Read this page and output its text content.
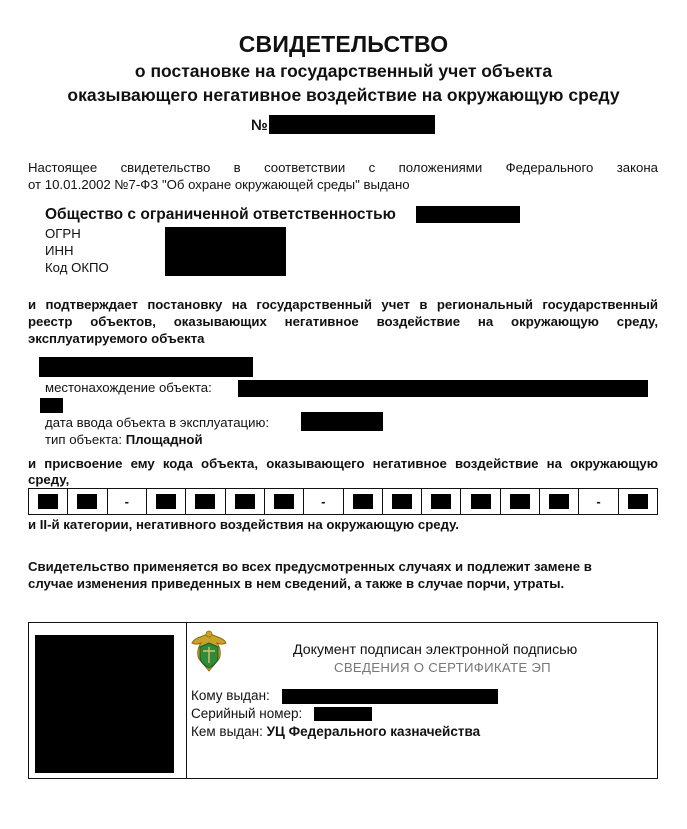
СВИДЕТЕЛЬСТВО
о постановке на государственный учет объекта
оказывающего негативное воздействие на окружающую среду
№
Настоящее свидетельство в соответствии с положениями Федерального закона
от 10.01.2002 №7-ФЗ "Об охране окружающей среды" выдано
Общество с ограниченной ответственностью
ОГРН
ИНН
Код ОКПО
и подтверждает постановку на государственный учет в региональный государственный
реестр объектов, оказывающих негативное воздействие на окружающую среду,
эксплуатируемого объекта
местонахождение объекта:
дата ввода объекта в эксплуатацию:
тип объекта: Площадной
и присвоение ему кода объекта, оказывающего негативное воздействие на окружающую
среду,
-	-	-
и II-й категории, негативного воздействия на окружающую среду.
Свидетельство применяется во всех предусмотренных случаях и подлежит замене в
случае изменения приведенных в нем сведений, а также в случае порчи, утраты.
Документ подписан электронной подписью
СВЕДЕНИЯ О СЕРТИФИКАТЕ ЭП
Кому выдан:
Серийный номер:
Кем выдан: УЦ Федерального казначейства
